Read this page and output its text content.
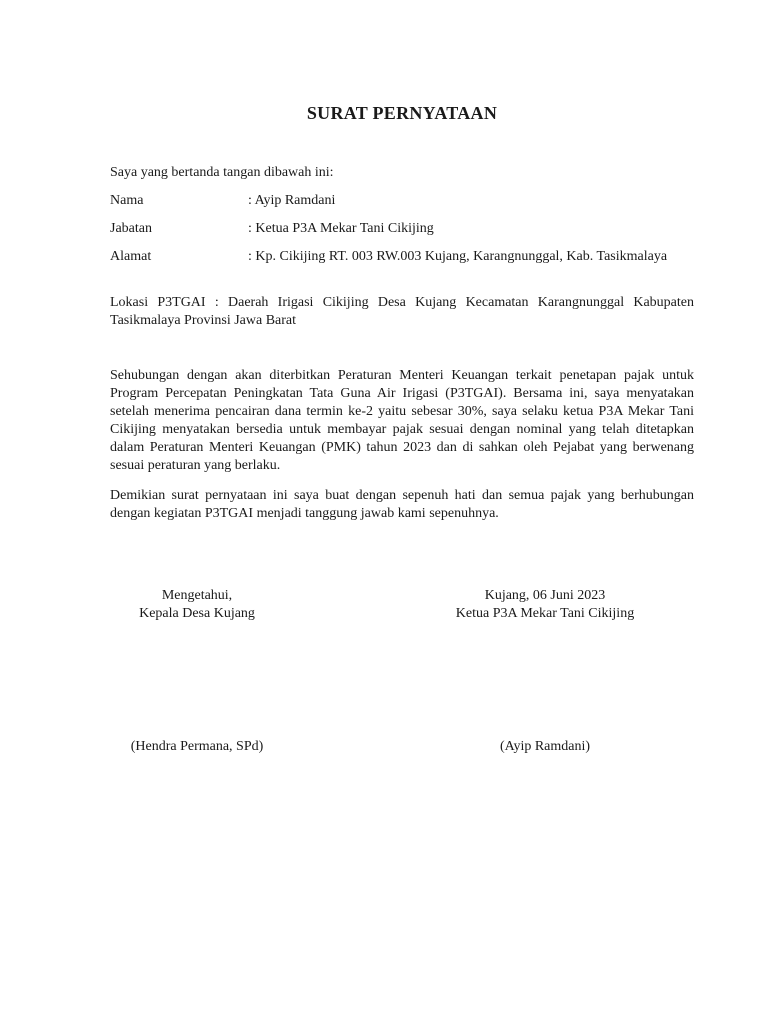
SURAT PERNYATAAN

Saya yang bertanda tangan dibawah ini:

Nama	: Ayip Ramdani
Jabatan	: Ketua P3A Mekar Tani Cikijing
Alamat	: Kp. Cikijing RT. 003 RW.003 Kujang, Karangnunggal, Kab. Tasikmalaya

Lokasi P3TGAI : Daerah Irigasi Cikijing Desa Kujang Kecamatan Karangnunggal Kabupaten Tasikmalaya Provinsi Jawa Barat

Sehubungan dengan akan diterbitkan Peraturan Menteri Keuangan terkait penetapan pajak untuk Program Percepatan Peningkatan Tata Guna Air Irigasi (P3TGAI). Bersama ini, saya menyatakan setelah menerima pencairan dana termin ke-2 yaitu sebesar 30%, saya selaku ketua P3A Mekar Tani Cikijing menyatakan bersedia untuk membayar pajak sesuai dengan nominal yang telah ditetapkan dalam Peraturan Menteri Keuangan (PMK) tahun 2023 dan di sahkan oleh Pejabat yang berwenang sesuai peraturan yang berlaku.

Demikian surat pernyataan ini saya buat dengan sepenuh hati dan semua pajak yang berhubungan dengan kegiatan P3TGAI menjadi tanggung jawab kami sepenuhnya.

Mengetahui,
Kepala Desa Kujang
(Hendra Permana, SPd)
Kujang, 06 Juni 2023
Ketua P3A Mekar Tani Cikijing
(Ayip Ramdani)
